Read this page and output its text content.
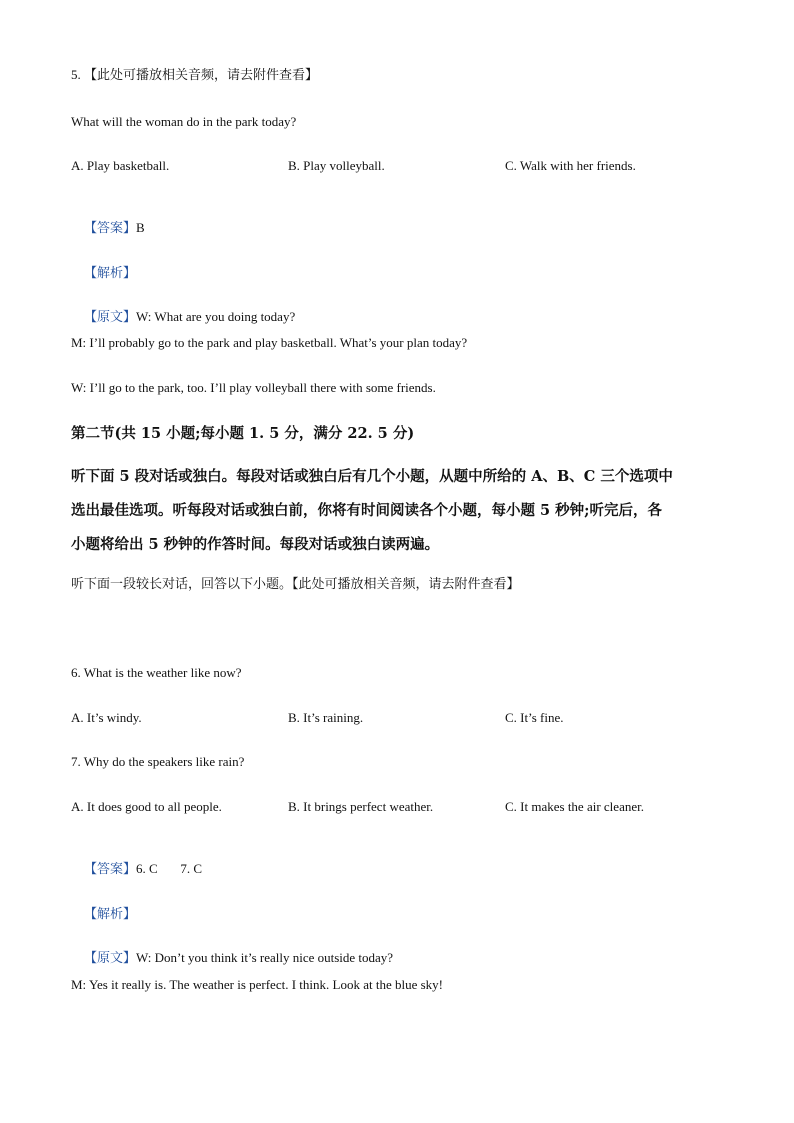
5. 【此处可播放相关音频，请去附件查看】
What will the woman do in the park today?
A. Play basketball.	B. Play volleyball.	C. Walk with her friends.

【答案】B

【解析】

【原文】W: What are you doing today?

M: I’ll probably go to the park and play basketball. What’s your plan today?
W: I’ll go to the park, too. I’ll play volleyball there with some friends.
第二节(共 15 小题;每小题 1. 5 分，满分 22. 5 分)
听下面 5 段对话或独白。每段对话或独白后有几个小题，从题中所给的 A、B、C 三个选项中
选出最佳选项。听每段对话或独白前，你将有时间阅读各个小题，每小题 5 秒钟;听完后，各
小题将给出 5 秒钟的作答时间。每段对话或独白读两遍。
听下面一段较长对话，回答以下小题。【此处可播放相关音频，请去附件查看】
6. What is the weather like now?
A. It’s windy.	B. It’s raining.	C. It’s fine.
7. Why do the speakers like rain?
A. It does good to all people.	B. It brings perfect weather.	C. It makes the air cleaner.

【答案】6. C       7. C

【解析】

【原文】W: Don’t you think it’s really nice outside today?

M: Yes it really is. The weather is perfect. I think. Look at the blue sky!
